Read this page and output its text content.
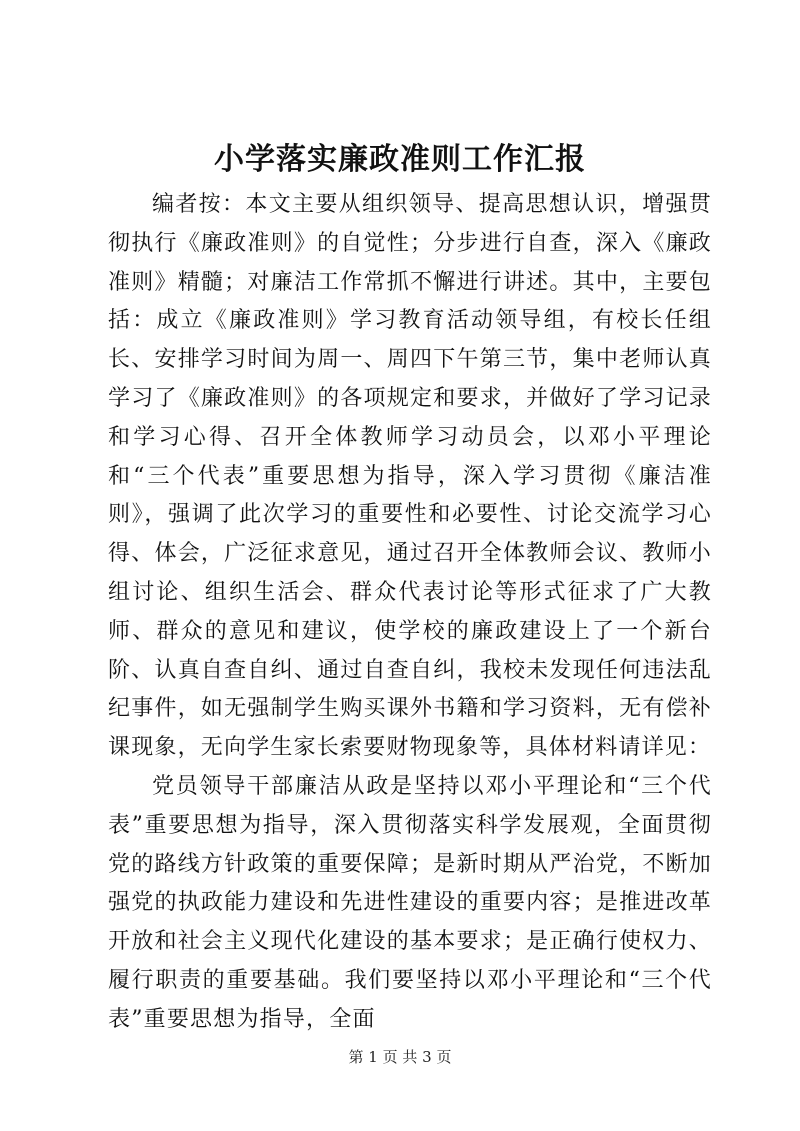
小学落实廉政准则工作汇报

编者按：本文主要从组织领导、提高思想认识，增强贯彻执行《廉政准则》的自觉性；分步进行自查，深入《廉政准则》精髓；对廉洁工作常抓不懈进行讲述。其中，主要包括：成立《廉政准则》学习教育活动领导组，有校长任组长、安排学习时间为周一、周四下午第三节，集中老师认真学习了《廉政准则》的各项规定和要求，并做好了学习记录和学习心得、召开全体教师学习动员会，以邓小平理论和“三个代表”重要思想为指导，深入学习贯彻《廉洁准则》，强调了此次学习的重要性和必要性、讨论交流学习心得、体会，广泛征求意见，通过召开全体教师会议、教师小组讨论、组织生活会、群众代表讨论等形式征求了广大教师、群众的意见和建议，使学校的廉政建设上了一个新台阶、认真自查自纠、通过自查自纠，我校未发现任何违法乱纪事件，如无强制学生购买课外书籍和学习资料，无有偿补课现象，无向学生家长索要财物现象等，具体材料请详见：

党员领导干部廉洁从政是坚持以邓小平理论和“三个代表”重要思想为指导，深入贯彻落实科学发展观，全面贯彻党的路线方针政策的重要保障；是新时期从严治党，不断加强党的执政能力建设和先进性建设的重要内容；是推进改革开放和社会主义现代化建设的基本要求；是正确行使权力、履行职责的重要基础。我们要坚持以邓小平理论和“三个代表”重要思想为指导，全面

第 1 页 共 3 页
